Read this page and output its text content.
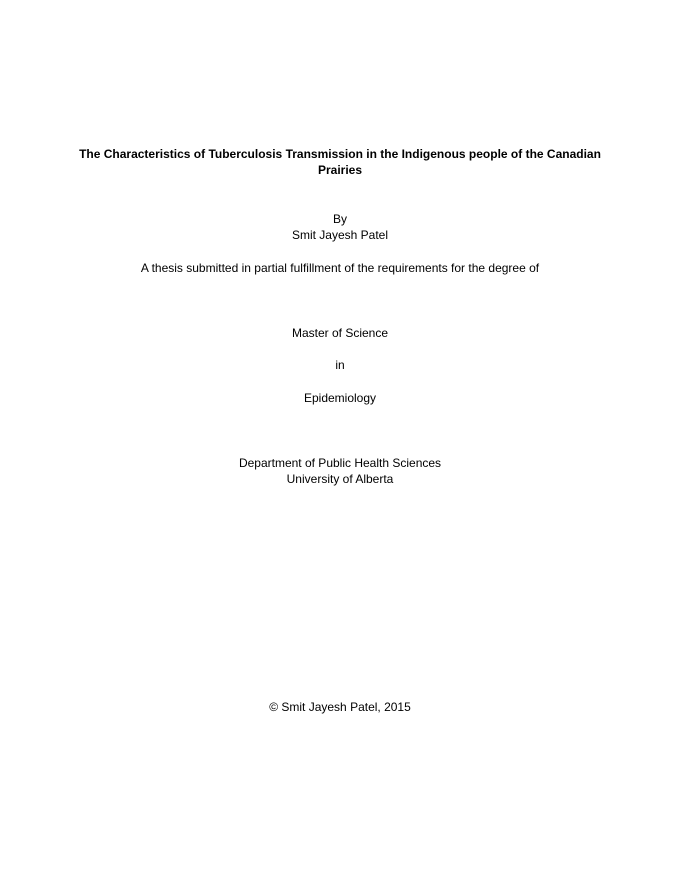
The Characteristics of Tuberculosis Transmission in the Indigenous people of the Canadian
Prairies
By
Smit Jayesh Patel
A thesis submitted in partial fulfillment of the requirements for the degree of
Master of Science
in
Epidemiology
Department of Public Health Sciences
University of Alberta
© Smit Jayesh Patel, 2015
